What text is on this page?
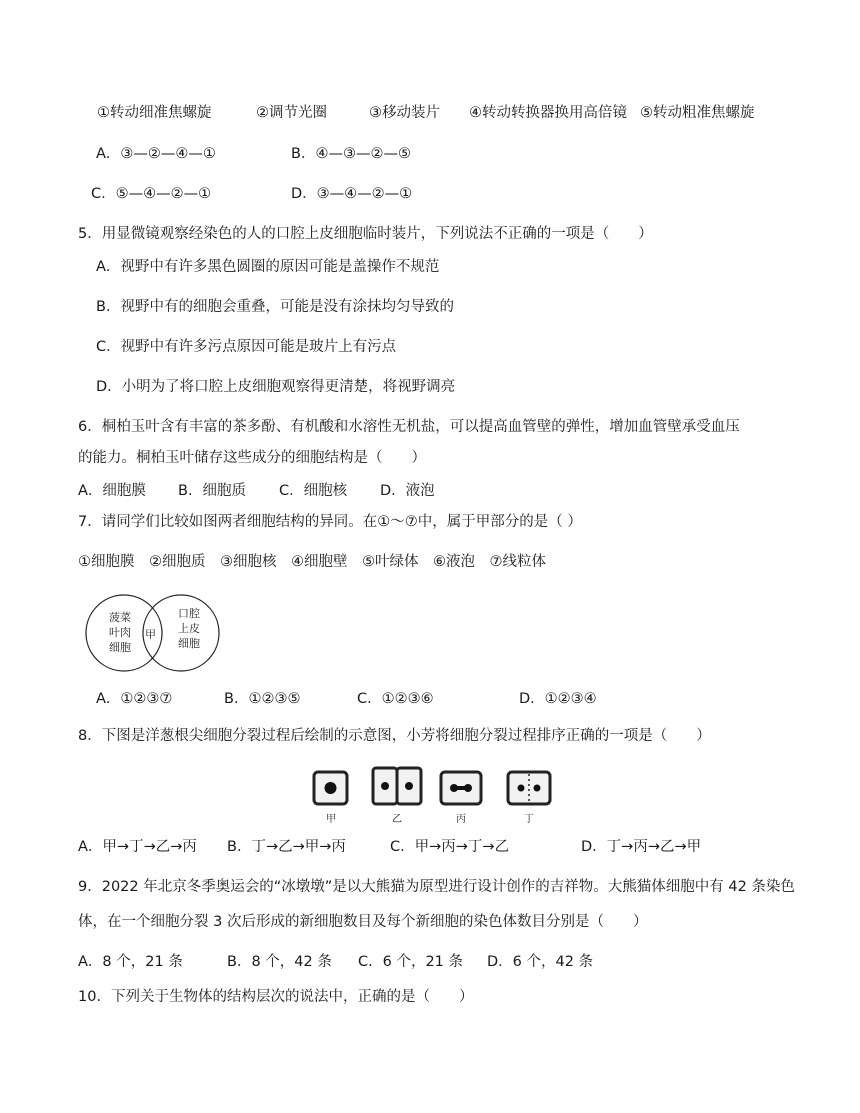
①转动细准焦螺旋	②调节光圈	③移动装片 ④转动转换器换用高倍镜 ⑤转动粗准焦螺旋
A．③—②—④—①	B．④—③—②—⑤
C．⑤—④—②—①	D．③—④—②—①
5．用显微镜观察经染色的人的口腔上皮细胞临时装片，下列说法不正确的一项是（　　）
A．视野中有许多黑色圆圈的原因可能是盖操作不规范
B．视野中有的细胞会重叠，可能是没有涂抹均匀导致的
C．视野中有许多污点原因可能是玻片上有污点
D．小明为了将口腔上皮细胞观察得更清楚，将视野调亮
6．桐柏玉叶含有丰富的茶多酚、有机酸和水溶性无机盐，可以提高血管壁的弹性，增加血管壁承受血压
的能力。桐柏玉叶储存这些成分的细胞结构是（　　）
A．细胞膜 B．细胞质 C．细胞核 D．液泡
7．请同学们比较如图两者细胞结构的异同。在①～⑦中，属于甲部分的是（ ）
①细胞膜　②细胞质　③细胞核　④细胞壁　⑤叶绿体　⑥液泡　⑦线粒体
菠菜
叶肉
细胞
甲
口腔
上皮
细胞
A．①②③⑦	B．①②③⑤	C．①②③⑥	D．①②③④
8．下图是洋葱根尖细胞分裂过程后绘制的示意图，小芳将细胞分裂过程排序正确的一项是（　　）
甲	乙	丙	丁
A．甲→丁→乙→丙 B．丁→乙→甲→丙	C．甲→丙→丁→乙	D．丁→丙→乙→甲
9．2022 年北京冬季奥运会的“冰墩墩”是以大熊猫为原型进行设计创作的吉祥物。大熊猫体细胞中有 42 条染色
体，在一个细胞分裂 3 次后形成的新细胞数目及每个新细胞的染色体数目分别是（　　）
A．8 个，21 条	B．8 个，42 条 C．6 个，21 条 D．6 个，42 条
10．下列关于生物体的结构层次的说法中，正确的是（　　）
